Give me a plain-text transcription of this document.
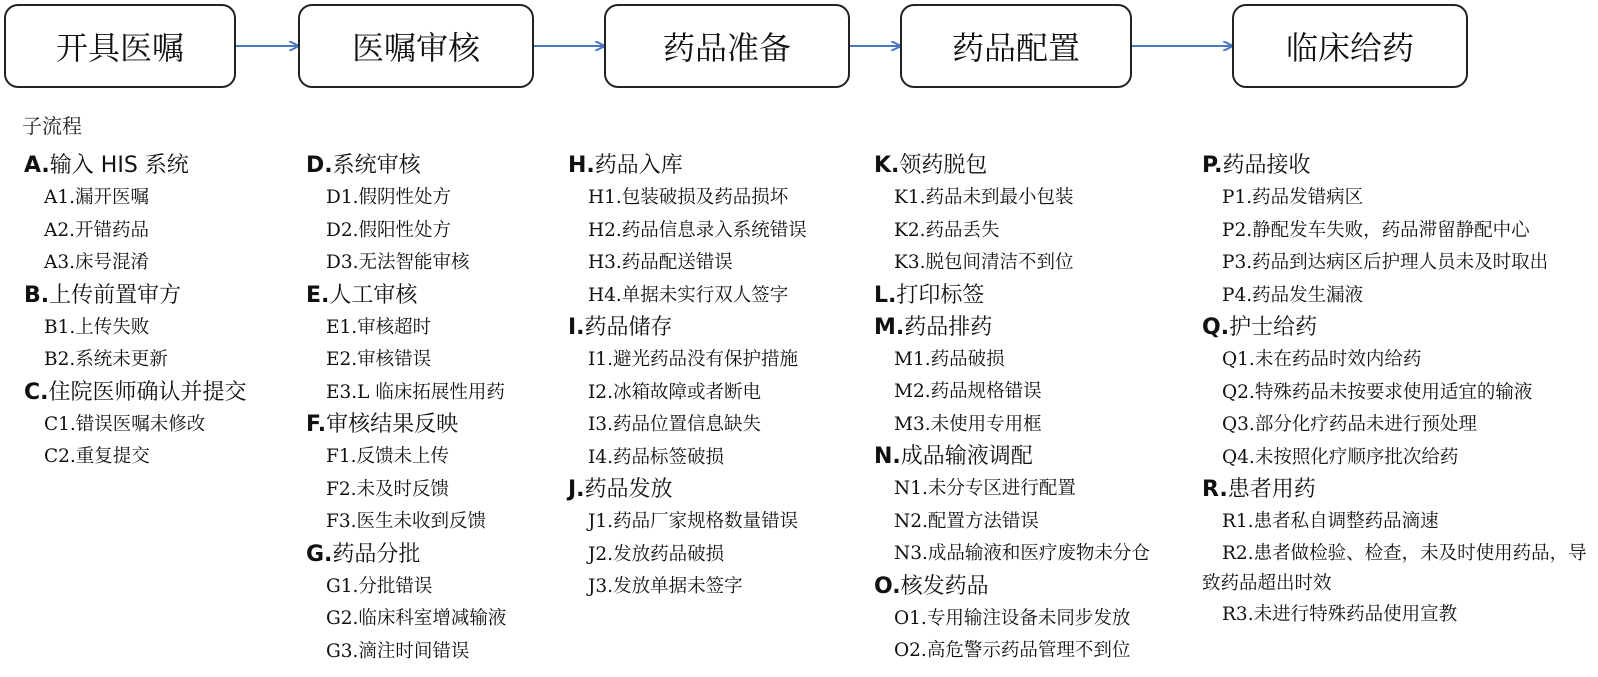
开具医嘱	医嘱审核	药品准备	药品配置	临床给药
子流程
A.输入 HIS 系统
A1.漏开医嘱
A2.开错药品
A3.床号混淆
B.上传前置审方
B1.上传失败
B2.系统未更新
C.住院医师确认并提交
C1.错误医嘱未修改
C2.重复提交
D.系统审核
D1.假阴性处方
D2.假阳性处方
D3.无法智能审核
E.人工审核
E1.审核超时
E2.审核错误
E3.L 临床拓展性用药
F.审核结果反映
F1.反馈未上传
F2.未及时反馈
F3.医生未收到反馈
G.药品分批
G1.分批错误
G2.临床科室增减输液
G3.滴注时间错误
H.药品入库
H1.包装破损及药品损坏
H2.药品信息录入系统错误
H3.药品配送错误
H4.单据未实行双人签字
I.药品储存
I1.避光药品没有保护措施
I2.冰箱故障或者断电
I3.药品位置信息缺失
I4.药品标签破损
J.药品发放
J1.药品厂家规格数量错误
J2.发放药品破损
J3.发放单据未签字
K.领药脱包
K1.药品未到最小包装
K2.药品丢失
K3.脱包间清洁不到位
L.打印标签
M.药品排药
M1.药品破损
M2.药品规格错误
M3.未使用专用框
N.成品输液调配
N1.未分专区进行配置
N2.配置方法错误
N3.成品输液和医疗废物未分仓
O.核发药品
O1.专用输注设备未同步发放
O2.高危警示药品管理不到位
P.药品接收
P1.药品发错病区
P2.静配发车失败，药品滞留静配中心
P3.药品到达病区后护理人员未及时取出
P4.药品发生漏液
Q.护士给药
Q1.未在药品时效内给药
Q2.特殊药品未按要求使用适宜的输液
Q3.部分化疗药品未进行预处理
Q4.未按照化疗顺序批次给药
R.患者用药
R1.患者私自调整药品滴速
R2.患者做检验、检查，未及时使用药品，导致药品超出时效
R3.未进行特殊药品使用宣教
